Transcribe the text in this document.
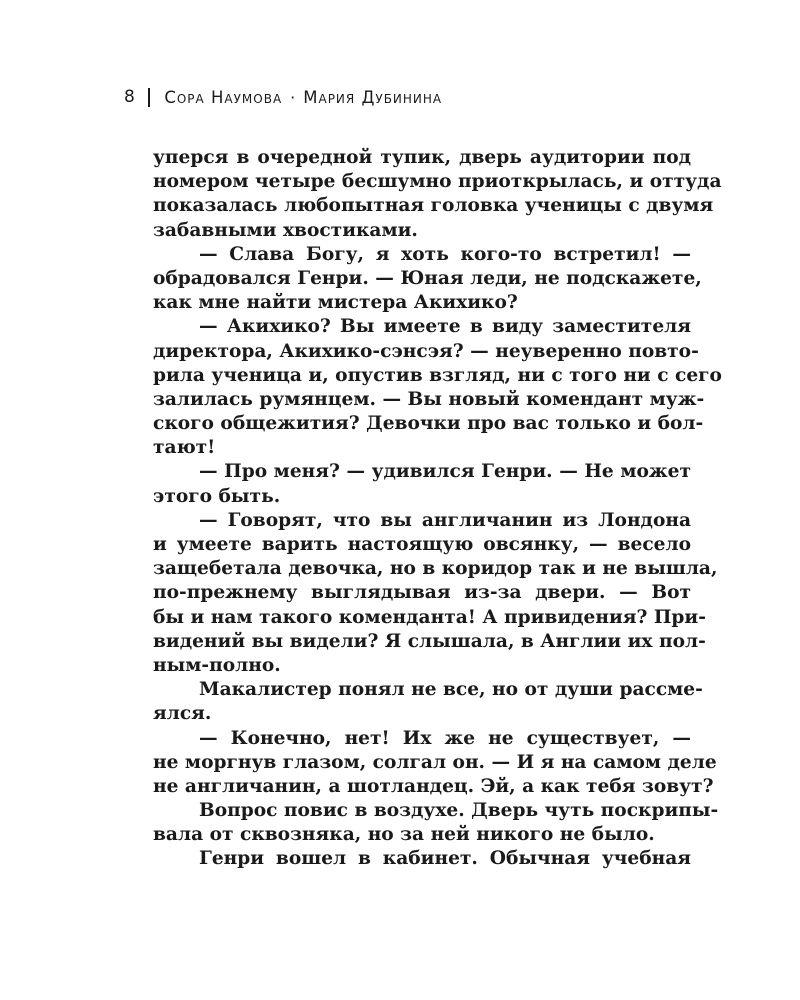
8 Сора Наумова · Мария Дубинина
уперся в очередной тупик, дверь аудитории под
номером четыре бесшумно приоткрылась, и оттуда
показалась любопытная головка ученицы с двумя
забавными хвостиками.
— Слава Богу, я хоть кого-то встретил! —
обрадовался Генри. — Юная леди, не подскажете,
как мне найти мистера Акихико?
— Акихико? Вы имеете в виду заместителя
директора, Акихико-сэнсэя? — неуверенно повто-
рила ученица и, опустив взгляд, ни с того ни с сего
залилась румянцем. — Вы новый комендант муж-
ского общежития? Девочки про вас только и бол-
тают!
— Про меня? — удивился Генри. — Не может
этого быть.
— Говорят, что вы англичанин из Лондона
и умеете варить настоящую овсянку, — весело
защебетала девочка, но в коридор так и не вышла,
по-прежнему выглядывая из-за двери. — Вот
бы и нам такого коменданта! А привидения? При-
видений вы видели? Я слышала, в Англии их пол-
ным-полно.
Макалистер понял не все, но от души рассме-
ялся.
— Конечно, нет! Их же не существует, —
не моргнув глазом, солгал он. — И я на самом деле
не англичанин, а шотландец. Эй, а как тебя зовут?
Вопрос повис в воздухе. Дверь чуть поскрипы-
вала от сквозняка, но за ней никого не было.
Генри вошел в кабинет. Обычная учебная
